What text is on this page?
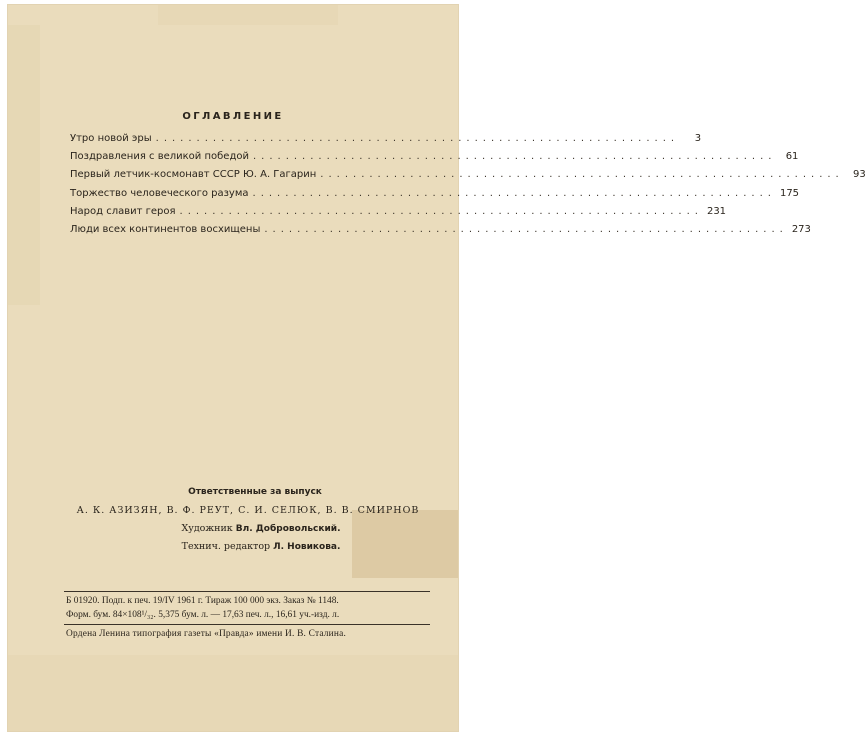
ОГЛАВЛЕНИЕ
Утро новой эры ................................................................	3
Поздравления с великой победой ................................................................ 61
Первый летчик-космонавт СССР Ю. А. Гагарин ................................................................ 93
Торжество человеческого разума ................................................................ 175
Народ славит героя ................................................................ 231
Люди всех континентов восхищены ................................................................ 273
Ответственные за выпуск
А. К. АЗИЗЯН, В. Ф. РЕУТ, С. И. СЕЛЮК, В. В. СМИРНОВ
Художник Вл. Добровольский.
Технич. редактор Л. Новикова.
Б 01920. Подп. к печ. 19/IV 1961 г. Тираж 100 000 экз. Заказ № 1148.
Форм. бум. 84×108¹/₃₂. 5,375 бум. л. — 17,63 печ. л., 16,61 уч.-изд. л.
Ордена Ленина типография газеты «Правда» имени И. В. Сталина.
